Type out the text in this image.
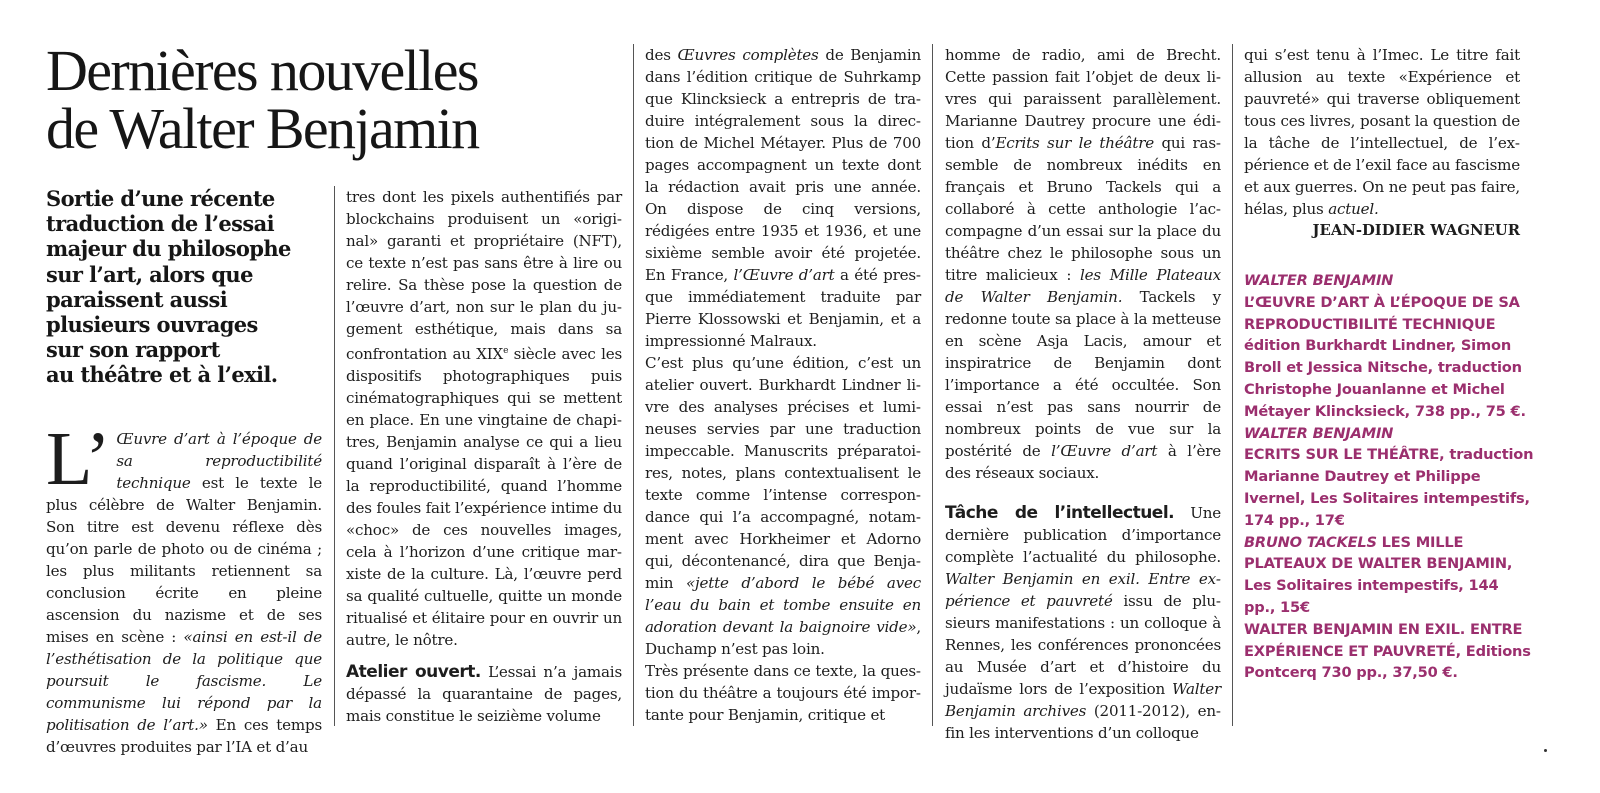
Dernières nouvelles
de Walter Benjamin

Sortie d’une récente
traduction de l’essai
majeur du philosophe
sur l’art, alors que
paraissent aussi
plusieurs ouvrages
sur son rapport
au théâtre et à l’exil.

L’ Œuvre d’art à l’époque de sa reproductibilité technique est le texte le plus célèbre de Walter Benjamin. Son titre est devenu réflexe dès qu’on parle de photo ou de cinéma ; les plus militants retiennent sa conclusion écrite en pleine ascension du nazisme et de ses mises en scène : «ainsi en est-il de l’esthétisation de la politique que poursuit le fascisme. Le communisme lui répond par la politisation de l’art.» En ces temps d’œuvres produites par l’IA et d’au

tres dont les pixels authentifiés par blockchains produisent un «original» garanti et propriétaire (NFT), ce texte n’est pas sans être à lire ou relire. Sa thèse pose la question de l’œuvre d’art, non sur le plan du jugement esthétique, mais dans sa confrontation au XIXe siècle avec les dispositifs photographiques puis cinématographiques qui se mettent en place. En une vingtaine de chapitres, Benjamin analyse ce qui a lieu quand l’original disparaît à l’ère de la reproductibilité, quand l’homme des foules fait l’expérience intime du «choc» de ces nouvelles images, cela à l’horizon d’une critique marxiste de la culture. Là, l’œuvre perd sa qualité cultuelle, quitte un monde ritualisé et élitaire pour en ouvrir un autre, le nôtre.

Atelier ouvert. L’essai n’a jamais dépassé la quarantaine de pages, mais constitue le seizième volume

des Œuvres complètes de Benjamin dans l’édition critique de Suhrkamp que Klincksieck a entrepris de traduire intégralement sous la direction de Michel Métayer. Plus de 700 pages accompagnent un texte dont la rédaction avait pris une année. On dispose de cinq versions, rédigées entre 1935 et 1936, et une sixième semble avoir été projetée. En France, l’Œuvre d’art a été presque immédiatement traduite par Pierre Klossowski et Benjamin, et a impressionné Malraux.

C’est plus qu’une édition, c’est un atelier ouvert. Burkhardt Lindner livre des analyses précises et lumineuses servies par une traduction impeccable. Manuscrits préparatoires, notes, plans contextualisent le texte comme l’intense correspondance qui l’a accompagné, notamment avec Horkheimer et Adorno qui, décontenancé, dira que Benjamin «jette d’abord le bébé avec l’eau du bain et tombe ensuite en adoration devant la baignoire vide», Duchamp n’est pas loin.

Très présente dans ce texte, la question du théâtre a toujours été importante pour Benjamin, critique et

homme de radio, ami de Brecht. Cette passion fait l’objet de deux livres qui paraissent parallèlement. Marianne Dautrey procure une édition d’Ecrits sur le théâtre qui rassemble de nombreux inédits en français et Bruno Tackels qui a collaboré à cette anthologie l’accompagne d’un essai sur la place du théâtre chez le philosophe sous un titre malicieux : les Mille Plateaux de Walter Benjamin. Tackels y redonne toute sa place à la metteuse en scène Asja Lacis, amour et inspiratrice de Benjamin dont l’importance a été occultée. Son essai n’est pas sans nourrir de nombreux points de vue sur la postérité de l’Œuvre d’art à l’ère des réseaux sociaux.

Tâche de l’intellectuel. Une dernière publication d’importance complète l’actualité du philosophe. Walter Benjamin en exil. Entre expérience et pauvreté issu de plusieurs manifestations : un colloque à Rennes, les conférences prononcées au Musée d’art et d’histoire du judaïsme lors de l’exposition Walter Benjamin archives (2011-2012), enfin les interventions d’un colloque

qui s’est tenu à l’Imec. Le titre fait allusion au texte «Expérience et pauvreté» qui traverse obliquement tous ces livres, posant la question de la tâche de l’intellectuel, de l’expérience et de l’exil face au fascisme et aux guerres. On ne peut pas faire, hélas, plus actuel.

JEAN-DIDIER WAGNEUR

WALTER BENJAMIN
L’ŒUVRE D’ART À L’ÉPOQUE DE SA REPRODUCTIBILITÉ TECHNIQUE édition Burkhardt Lindner, Simon Broll et Jessica Nitsche, traduction Christophe Jouanlanne et Michel Métayer Klincksieck, 738 pp., 75 €.

WALTER BENJAMIN
ECRITS SUR LE THÉÂTRE, traduction Marianne Dautrey et Philippe Ivernel, Les Solitaires intempestifs, 174 pp., 17€

BRUNO TACKELS LES MILLE PLATEAUX DE WALTER BENJAMIN, Les Solitaires intempestifs, 144 pp., 15€

WALTER BENJAMIN EN EXIL. ENTRE EXPÉRIENCE ET PAUVRETÉ, Editions Pontcerq 730 pp., 37,50 €.
